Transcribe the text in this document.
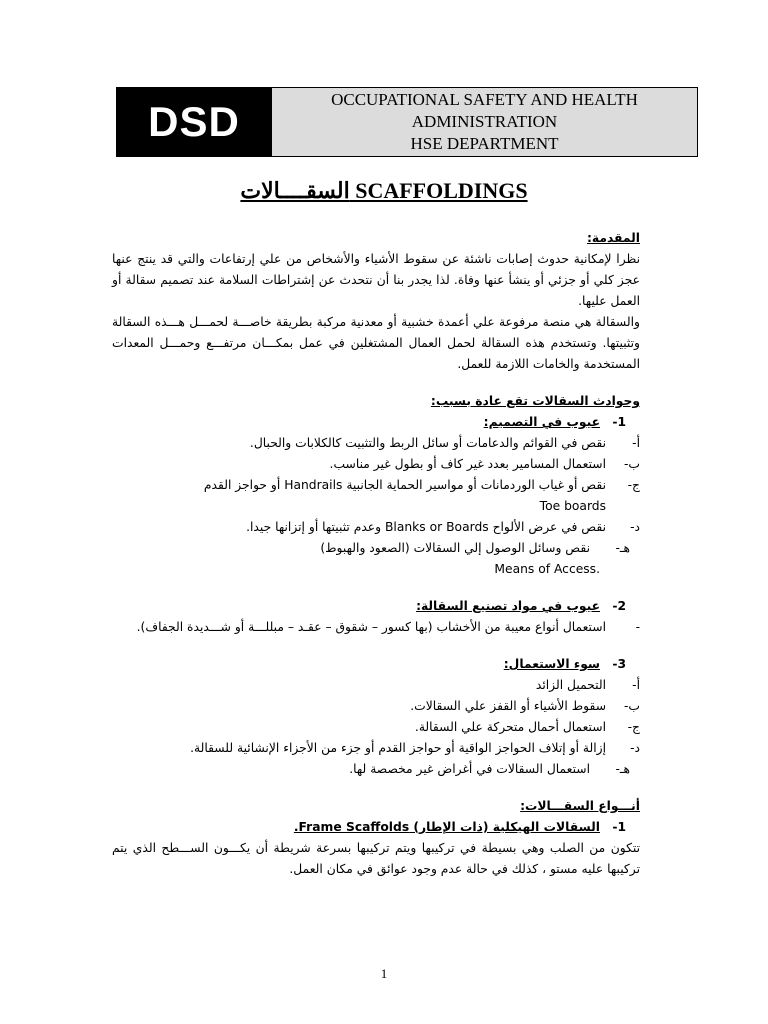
DSD	OCCUPATIONAL SAFETY AND HEALTH
ADMINISTRATION
HSE DEPARTMENT
السقــــالات SCAFFOLDINGS

المقدمة:

نظرا لإمكانية حدوث إصابات ناشئة عن سقوط الأشياء والأشخاص من علي إرتفاعات والتي قد ينتج عنها عجز كلي أو جزئي أو ينشأ عنها وفاة. لذا يجدر بنا أن نتحدث عن إشتراطات السلامة عند تصميم سقالة أو العمل عليها.

والسقالة هي منصة مرفوعة علي أعمدة خشبية أو معدنية مركبة بطريقة خاصـــة لحمـــل هـــذه السقالة وتثبيتها. وتستخدم هذه السقالة لحمل العمال المشتغلين في عمل بمكـــان مرتفـــع وحمـــل المعدات المستخدمة والخامات اللازمة للعمل.

وحوادث السقالات تقع عادة بسبب:

1-
عيوب في التصميم:
أ-
نقص في القوائم والدعامات أو سائل الربط والتثبيت كالكلابات والحبال.
ب-
استعمال المسامير بعدد غير كاف أو بطول غير مناسب.
ج-
نقص أو غياب الوردمانات أو مواسير الحماية الجانبية Handrails أو حواجز القدم

Toe boards

د-
نقص في عرض الألواح Blanks or Boards وعدم تثبيتها أو إتزانها جيدا.
هـ-
نقص وسائل الوصول إلي السقالات (الصعود والهبوط)

Means of Access.

2-
عيوب في مواد تصنيع السقالة:
-
استعمال أنواع معيبة من الأخشاب (بها كسور – شقوق – عقـد – مبللـــة أو شـــديدة الجفاف).
3-
سوء الاستعمال:
أ-
التحميل الزائد
ب-
سقوط الأشياء أو القفز علي السقالات.
ج-
استعمال أحمال متحركة علي السقالة.
د-
إزالة أو إتلاف الحواجز الواقية أو حواجز القدم أو جزء من الأجزاء الإنشائية للسقالة.
هـ-
استعمال السقالات في أغراض غير مخصصة لها.

أنـــواع السقـــالات:

1-
السقالات الهيكلية (ذات الإطار) Frame Scaffolds.

تتكون من الصلب وهي بسيطة في تركيبها ويتم تركيبها بسرعة شريطة أن يكـــون الســـطح الذي يتم تركيبها عليه مستو ، كذلك في حالة عدم وجود عوائق في مكان العمل.

1
